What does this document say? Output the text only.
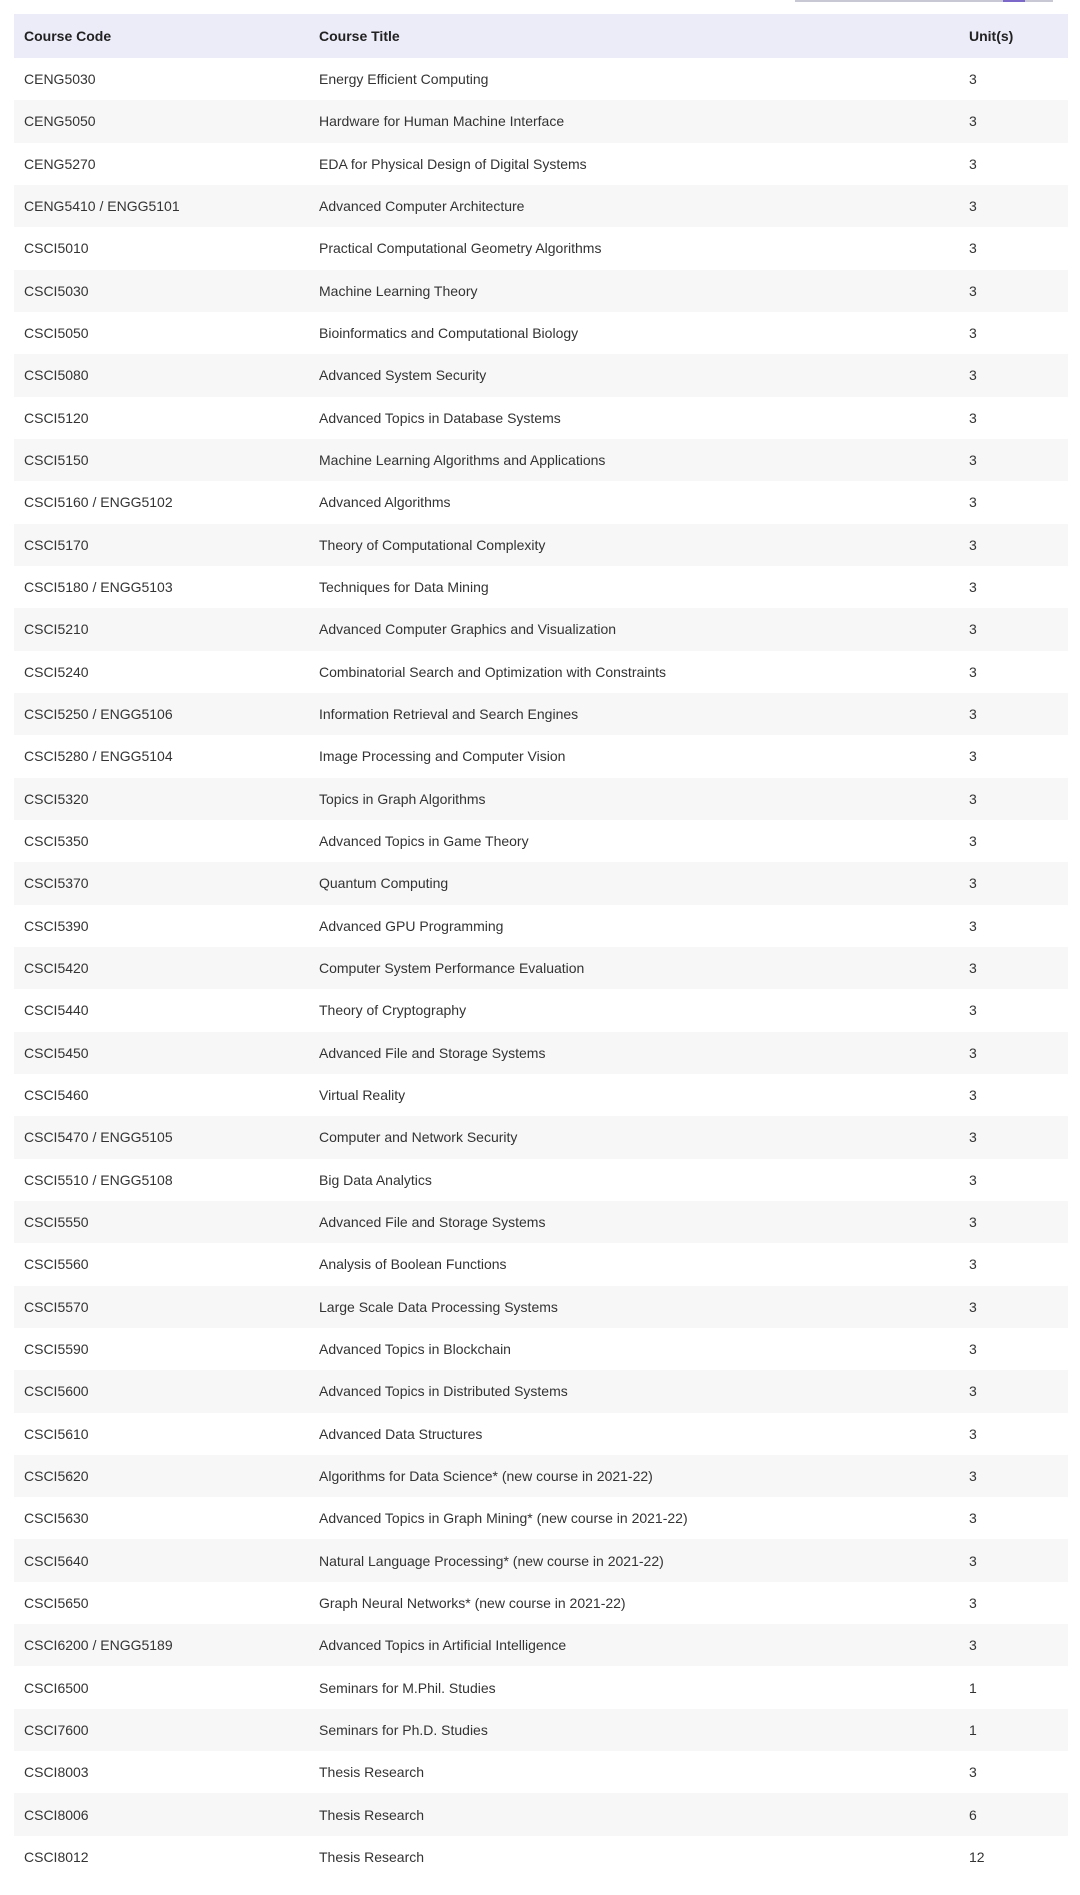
Course Code	Course Title	Unit(s)
CENG5030	Energy Efficient Computing	3
CENG5050	Hardware for Human Machine Interface	3
CENG5270	EDA for Physical Design of Digital Systems	3
CENG5410 / ENGG5101	Advanced Computer Architecture	3
CSCI5010	Practical Computational Geometry Algorithms	3
CSCI5030	Machine Learning Theory	3
CSCI5050	Bioinformatics and Computational Biology	3
CSCI5080	Advanced System Security	3
CSCI5120	Advanced Topics in Database Systems	3
CSCI5150	Machine Learning Algorithms and Applications	3
CSCI5160 / ENGG5102	Advanced Algorithms	3
CSCI5170	Theory of Computational Complexity	3
CSCI5180 / ENGG5103	Techniques for Data Mining	3
CSCI5210	Advanced Computer Graphics and Visualization	3
CSCI5240	Combinatorial Search and Optimization with Constraints	3
CSCI5250 / ENGG5106	Information Retrieval and Search Engines	3
CSCI5280 / ENGG5104	Image Processing and Computer Vision	3
CSCI5320	Topics in Graph Algorithms	3
CSCI5350	Advanced Topics in Game Theory	3
CSCI5370	Quantum Computing	3
CSCI5390	Advanced GPU Programming	3
CSCI5420	Computer System Performance Evaluation	3
CSCI5440	Theory of Cryptography	3
CSCI5450	Advanced File and Storage Systems	3
CSCI5460	Virtual Reality	3
CSCI5470 / ENGG5105	Computer and Network Security	3
CSCI5510 / ENGG5108	Big Data Analytics	3
CSCI5550	Advanced File and Storage Systems	3
CSCI5560	Analysis of Boolean Functions	3
CSCI5570	Large Scale Data Processing Systems	3
CSCI5590	Advanced Topics in Blockchain	3
CSCI5600	Advanced Topics in Distributed Systems	3
CSCI5610	Advanced Data Structures	3
CSCI5620	Algorithms for Data Science* (new course in 2021-22)	3
CSCI5630	Advanced Topics in Graph Mining* (new course in 2021-22)	3
CSCI5640	Natural Language Processing* (new course in 2021-22)	3
CSCI5650	Graph Neural Networks* (new course in 2021-22)	3
CSCI6200 / ENGG5189	Advanced Topics in Artificial Intelligence	3
CSCI6500	Seminars for M.Phil. Studies	1
CSCI7600	Seminars for Ph.D. Studies	1
CSCI8003	Thesis Research	3
CSCI8006	Thesis Research	6
CSCI8012	Thesis Research	12
